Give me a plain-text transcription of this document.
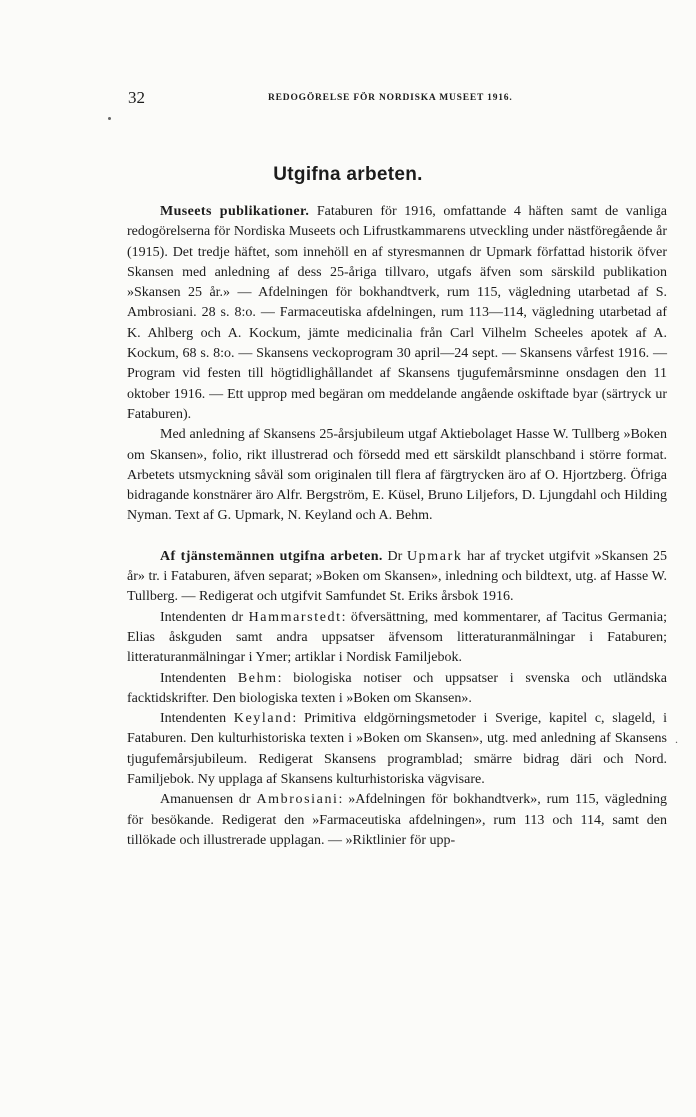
32	REDOGÖRELSE FÖR NORDISKA MUSEET 1916.
Utgifna arbeten.

Museets publikationer. Fataburen för 1916, omfattande 4 häften samt de vanliga redogörelserna för Nordiska Museets och Lifrustkammarens utveckling under nästföregående år (1915). Det tredje häftet, som innehöll en af styresmannen dr Upmark författad historik öfver Skansen med anledning af dess 25-åriga tillvaro, utgafs äfven som särskild publikation »Skansen 25 år.» — Afdelningen för bokhandtverk, rum 115, vägledning utarbetad af S. Ambrosiani. 28 s. 8:o. — Farmaceutiska afdelningen, rum 113—114, vägledning utarbetad af K. Ahlberg och A. Kockum, jämte medicinalia från Carl Vilhelm Scheeles apotek af A. Kockum, 68 s. 8:o. — Skansens veckoprogram 30 april—24 sept. — Skansens vårfest 1916. — Program vid festen till högtidlighållandet af Skansens tjugufemårsminne onsdagen den 11 oktober 1916. — Ett upprop med begäran om meddelande angående oskiftade byar (särtryck ur Fataburen).

Med anledning af Skansens 25-årsjubileum utgaf Aktiebolaget Hasse W. Tullberg »Boken om Skansen», folio, rikt illustrerad och försedd med ett särskildt planschband i större format. Arbetets utsmyckning såväl som originalen till flera af färgtrycken äro af O. Hjortzberg. Öfriga bidragande konstnärer äro Alfr. Bergström, E. Küsel, Bruno Liljefors, D. Ljungdahl och Hilding Nyman. Text af G. Upmark, N. Keyland och A. Behm.

Af tjänstemännen utgifna arbeten. Dr Upmark har af trycket utgifvit »Skansen 25 år» tr. i Fataburen, äfven separat; »Boken om Skansen», inledning och bildtext, utg. af Hasse W. Tullberg. — Redigerat och utgifvit Samfundet St. Eriks årsbok 1916.

Intendenten dr Hammarstedt: öfversättning, med kommentarer, af Tacitus Germania; Elias åskguden samt andra uppsatser äfvensom litteraturanmälningar i Fataburen; litteraturanmälningar i Ymer; artiklar i Nordisk Familjebok.

Intendenten Behm: biologiska notiser och uppsatser i svenska och utländska facktidskrifter. Den biologiska texten i »Boken om Skansen».

Intendenten Keyland: Primitiva eldgörningsmetoder i Sverige, kapitel c, slageld, i Fataburen. Den kulturhistoriska texten i »Boken om Skansen», utg. med anledning af Skansens tjugufemårsjubileum. Redigerat Skansens programblad; smärre bidrag däri och Nord. Familjebok. Ny upplaga af Skansens kulturhistoriska vägvisare.

Amanuensen dr Ambrosiani: »Afdelningen för bokhandtverk», rum 115, vägledning för besökande. Redigerat den »Farmaceutiska afdelningen», rum 113 och 114, samt den tillökade och illustrerade upplagan. — »Riktlinier för upp-

.
